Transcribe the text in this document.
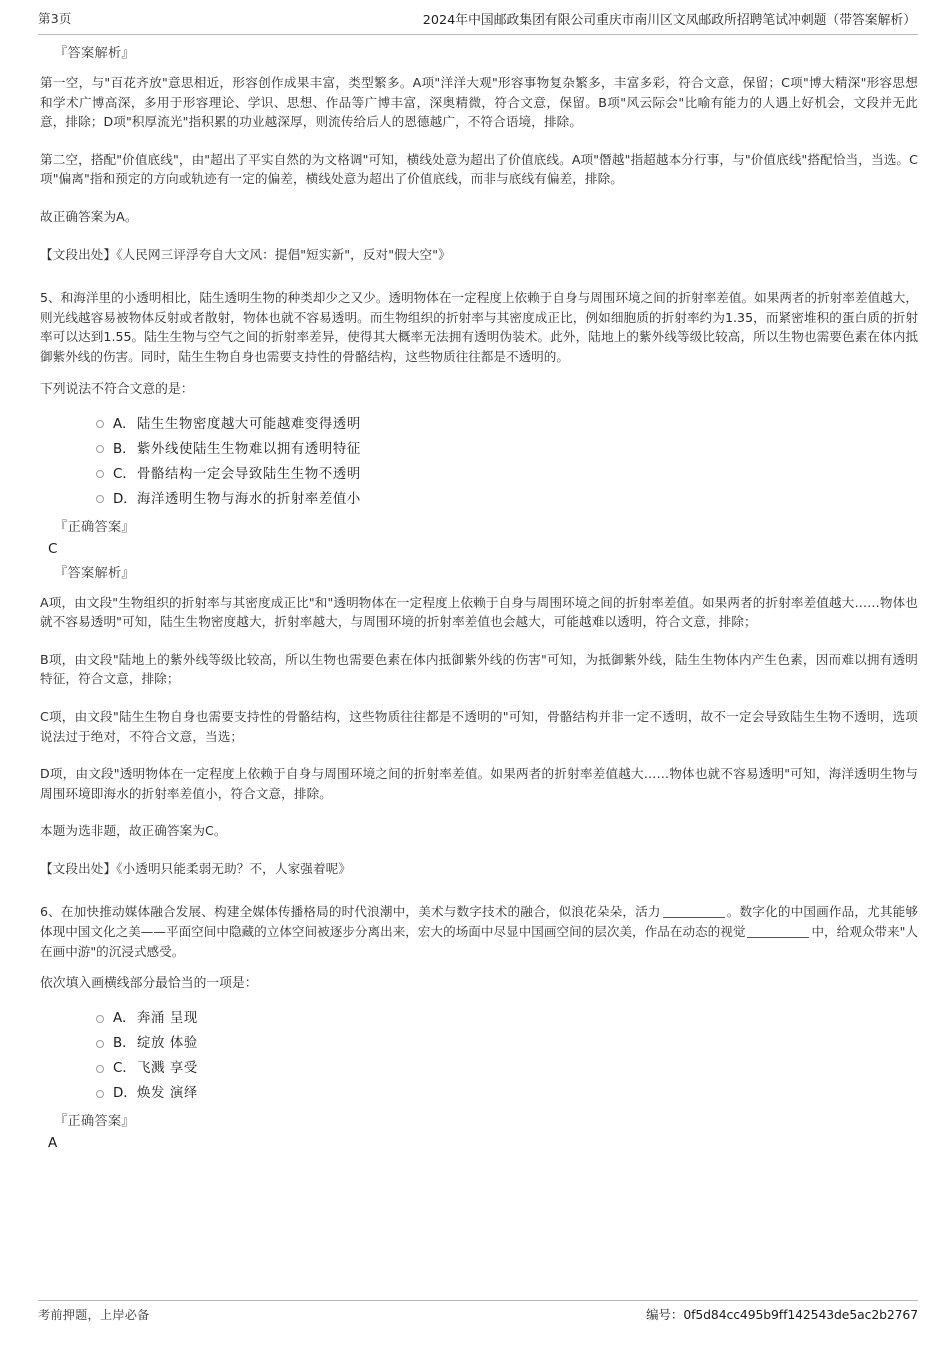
第3页	2024年中国邮政集团有限公司重庆市南川区文凤邮政所招聘笔试冲刺题（带答案解析）
『答案解析』

第一空，与"百花齐放"意思相近，形容创作成果丰富，类型繁多。A项"洋洋大观"形容事物复杂繁多，丰富多彩，符合文意，保留；C项"博大精深"形容思想和学术广博高深，多用于形容理论、学识、思想、作品等广博丰富，深奥精微，符合文意，保留。B项"风云际会"比喻有能力的人遇上好机会，文段并无此意，排除；D项"积厚流光"指积累的功业越深厚，则流传给后人的恩德越广，不符合语境，排除。

第二空，搭配"价值底线"，由"超出了平实自然的为文格调"可知，横线处意为超出了价值底线。A项"僭越"指超越本分行事，与"价值底线"搭配恰当，当选。C项"偏离"指和预定的方向或轨迹有一定的偏差，横线处意为超出了价值底线，而非与底线有偏差，排除。

故正确答案为A。

【文段出处】《人民网三评浮夸自大文风：提倡"短实新"，反对"假大空"》

5、和海洋里的小透明相比，陆生透明生物的种类却少之又少。透明物体在一定程度上依赖于自身与周围环境之间的折射率差值。如果两者的折射率差值越大，则光线越容易被物体反射或者散射，物体也就不容易透明。而生物组织的折射率与其密度成正比，例如细胞质的折射率约为1.35，而紧密堆积的蛋白质的折射率可以达到1.55。陆生生物与空气之间的折射率差异，使得其大概率无法拥有透明伪装术。此外，陆地上的紫外线等级比较高，所以生物也需要色素在体内抵御紫外线的伤害。同时，陆生生物自身也需要支持性的骨骼结构，这些物质往往都是不透明的。

下列说法不符合文意的是：

A． 陆生生物密度越大可能越难变得透明
B． 紫外线使陆生生物难以拥有透明特征
C． 骨骼结构一定会导致陆生生物不透明
D． 海洋透明生物与海水的折射率差值小
『正确答案』
C
『答案解析』

A项，由文段"生物组织的折射率与其密度成正比"和"透明物体在一定程度上依赖于自身与周围环境之间的折射率差值。如果两者的折射率差值越大……物体也就不容易透明"可知，陆生生物密度越大，折射率越大，与周围环境的折射率差值也会越大，可能越难以透明，符合文意，排除；

B项，由文段"陆地上的紫外线等级比较高，所以生物也需要色素在体内抵御紫外线的伤害"可知，为抵御紫外线，陆生生物体内产生色素，因而难以拥有透明特征，符合文意，排除；

C项，由文段"陆生生物自身也需要支持性的骨骼结构，这些物质往往都是不透明的"可知，骨骼结构并非一定不透明，故不一定会导致陆生生物不透明，选项说法过于绝对，不符合文意，当选；

D项，由文段"透明物体在一定程度上依赖于自身与周围环境之间的折射率差值。如果两者的折射率差值越大……物体也就不容易透明"可知，海洋透明生物与周围环境即海水的折射率差值小，符合文意，排除。

本题为选非题，故正确答案为C。

【文段出处】《小透明只能柔弱无助？不，人家强着呢》

6、在加快推动媒体融合发展、构建全媒体传播格局的时代浪潮中，美术与数字技术的融合，似浪花朵朵，活力	。数字化的中国画作品，尤其能够体现中国文化之美——平面空间中隐藏的立体空间被逐步分离出来，宏大的场面中尽显中国画空间的层次美，作品在动态的视觉	中，给观众带来"人在画中游"的沉浸式感受。

依次填入画横线部分最恰当的一项是：

A． 奔涌 呈现
B． 绽放 体验
C． 飞溅 享受
D． 焕发 演绎
『正确答案』
A
考前押题，上岸必备	编号：0f5d84cc495b9ff142543de5ac2b2767
